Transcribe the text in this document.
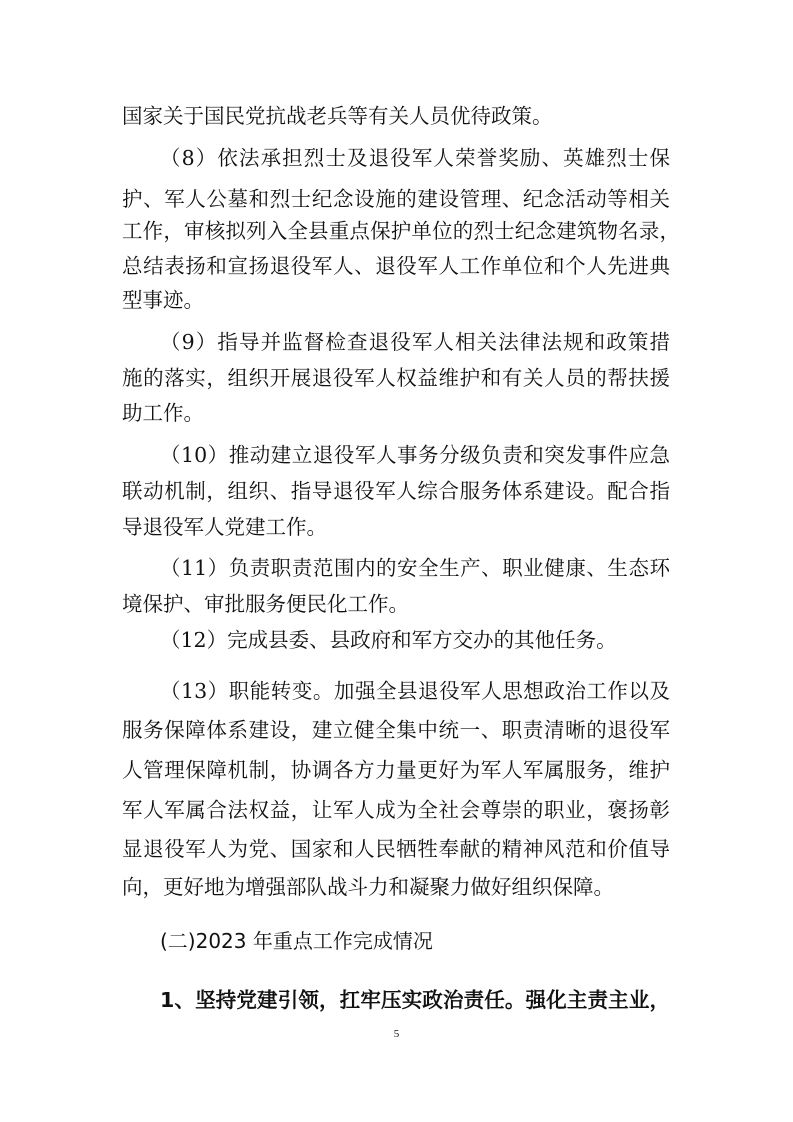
国家关于国民党抗战老兵等有关人员优待政策。
（8）依法承担烈士及退役军人荣誉奖励、英雄烈士保
护、军人公墓和烈士纪念设施的建设管理、纪念活动等相关
工作，审核拟列入全县重点保护单位的烈士纪念建筑物名录，
总结表扬和宣扬退役军人、退役军人工作单位和个人先进典
型事迹。
（9）指导并监督检查退役军人相关法律法规和政策措
施的落实，组织开展退役军人权益维护和有关人员的帮扶援
助工作。
（10）推动建立退役军人事务分级负责和突发事件应急
联动机制，组织、指导退役军人综合服务体系建设。配合指
导退役军人党建工作。
（11）负责职责范围内的安全生产、职业健康、生态环
境保护、审批服务便民化工作。
（12）完成县委、县政府和军方交办的其他任务。
（13）职能转变。加强全县退役军人思想政治工作以及
服务保障体系建设，建立健全集中统一、职责清晰的退役军
人管理保障机制，协调各方力量更好为军人军属服务，维护
军人军属合法权益，让军人成为全社会尊崇的职业，褒扬彰
显退役军人为党、国家和人民牺牲奉献的精神风范和价值导
向，更好地为增强部队战斗力和凝聚力做好组织保障。
(二)2023 年重点工作完成情况
1、坚持党建引领，扛牢压实政治责任。强化主责主业，
5
